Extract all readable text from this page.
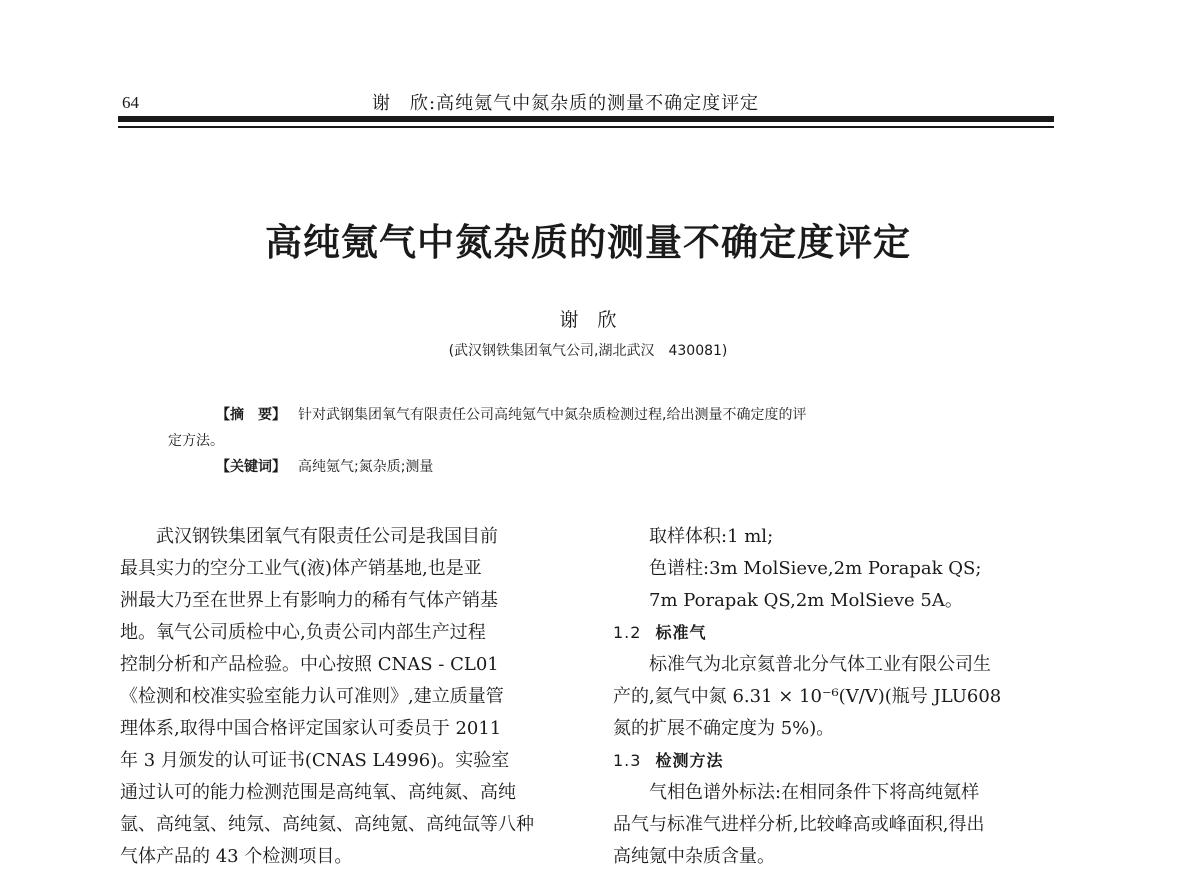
64	谢　欣:高纯氪气中氮杂质的测量不确定度评定
高纯氪气中氮杂质的测量不确定度评定
谢　欣
(武汉钢铁集团氧气公司,湖北武汉　430081)
【摘　要】 针对武钢集团氧气有限责任公司高纯氪气中氮杂质检测过程,给出测量不确定度的评
定方法。
【关键词】 高纯氪气;氮杂质;测量
武汉钢铁集团氧气有限责任公司是我国目前
最具实力的空分工业气(液)体产销基地,也是亚
洲最大乃至在世界上有影响力的稀有气体产销基
地。氧气公司质检中心,负责公司内部生产过程
控制分析和产品检验。中心按照 CNAS - CL01
《检测和校准实验室能力认可准则》,建立质量管
理体系,取得中国合格评定国家认可委员于 2011
年 3 月颁发的认可证书(CNAS L4996)。实验室
通过认可的能力检测范围是高纯氧、高纯氮、高纯
氩、高纯氢、纯氖、高纯氦、高纯氪、高纯氙等八种
气体产品的 43 个检测项目。
取样体积:1 ml;
色谱柱:3m MolSieve,2m Porapak QS;
7m Porapak QS,2m MolSieve 5A。
1.2 标准气
标准气为北京氦普北分气体工业有限公司生
产的,氦气中氮 6.31 × 10⁻⁶(V/V)(瓶号 JLU608
氮的扩展不确定度为 5%)。
1.3 检测方法
气相色谱外标法:在相同条件下将高纯氪样
品气与标准气进样分析,比较峰高或峰面积,得出
高纯氪中杂质含量。
